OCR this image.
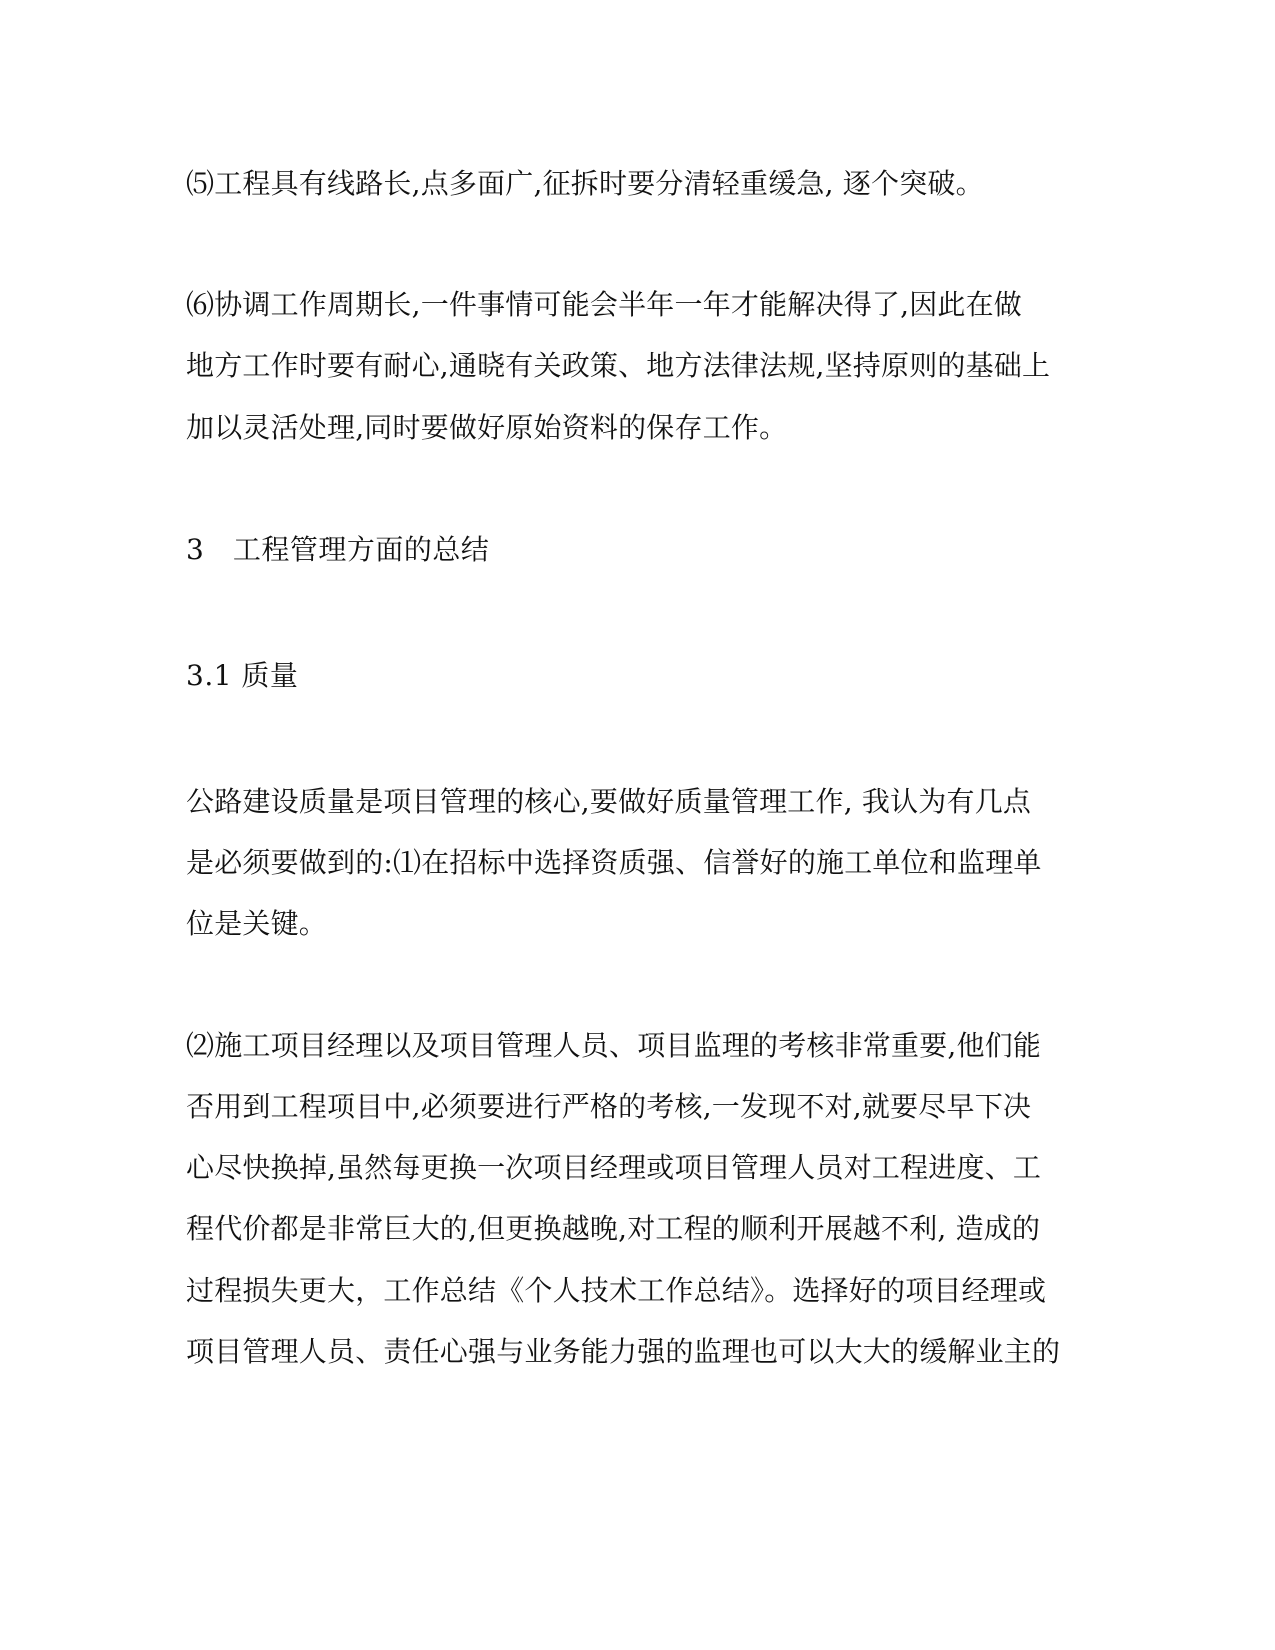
⑸工程具有线路长,点多面广,征拆时要分清轻重缓急, 逐个突破。
⑹协调工作周期长,一件事情可能会半年一年才能解决得了,因此在做
地方工作时要有耐心,通晓有关政策、地方法律法规,坚持原则的基础上
加以灵活处理,同时要做好原始资料的保存工作。
3　工程管理方面的总结
3.1 质量
公路建设质量是项目管理的核心,要做好质量管理工作, 我认为有几点
是必须要做到的:⑴在招标中选择资质强、信誉好的施工单位和监理单
位是关键。
⑵施工项目经理以及项目管理人员、项目监理的考核非常重要,他们能
否用到工程项目中,必须要进行严格的考核,一发现不对,就要尽早下决
心尽快换掉,虽然每更换一次项目经理或项目管理人员对工程进度、工
程代价都是非常巨大的,但更换越晚,对工程的顺利开展越不利, 造成的
过程损失更大，工作总结《个人技术工作总结》。选择好的项目经理或
项目管理人员、责任心强与业务能力强的监理也可以大大的缓解业主的
